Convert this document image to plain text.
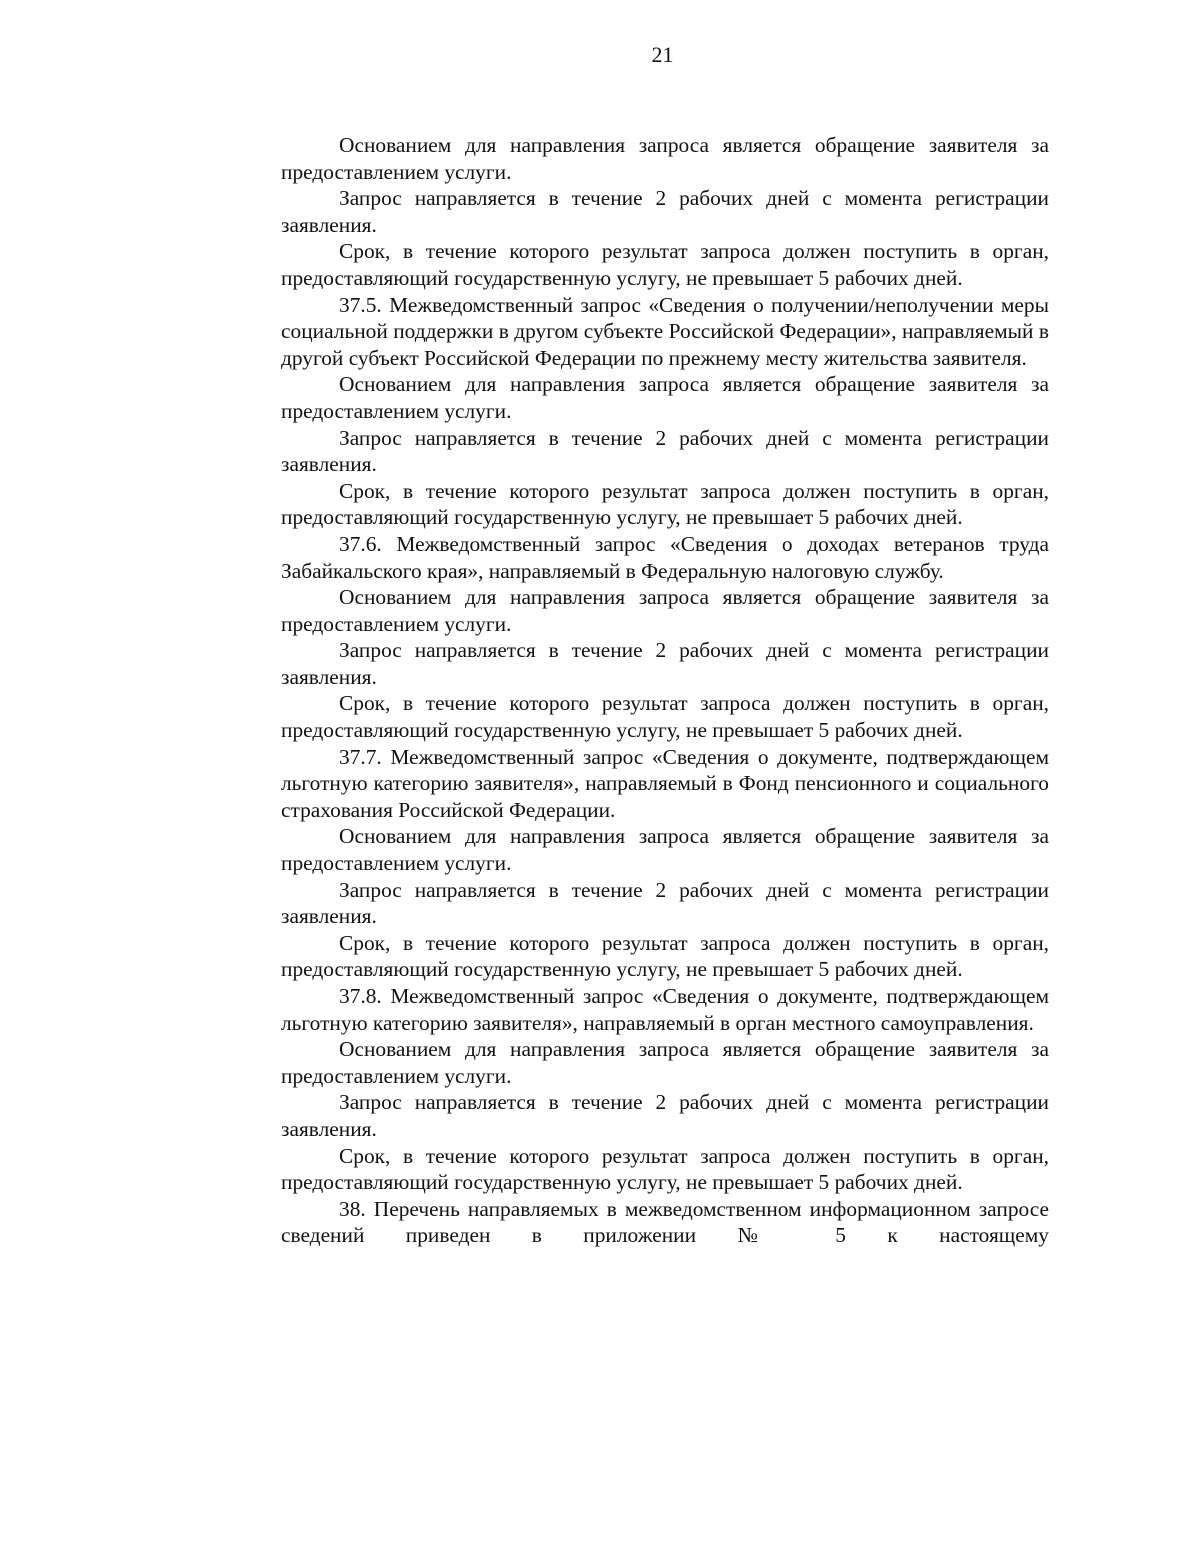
21

Основанием для направления запроса является обращение заявителя за предоставлением услуги.

Запрос направляется в течение 2 рабочих дней с момента регистрации заявления.

Срок, в течение которого результат запроса должен поступить в орган, предоставляющий государственную услугу, не превышает 5 рабочих дней.

37.5. Межведомственный запрос «Сведения о получении/неполучении меры социальной поддержки в другом субъекте Российской Федерации», направляемый в другой субъект Российской Федерации по прежнему месту жительства заявителя.

Основанием для направления запроса является обращение заявителя за предоставлением услуги.

Запрос направляется в течение 2 рабочих дней с момента регистрации заявления.

Срок, в течение которого результат запроса должен поступить в орган, предоставляющий государственную услугу, не превышает 5 рабочих дней.

37.6. Межведомственный запрос «Сведения о доходах ветеранов труда Забайкальского края», направляемый в Федеральную налоговую службу.

Основанием для направления запроса является обращение заявителя за предоставлением услуги.

Запрос направляется в течение 2 рабочих дней с момента регистрации заявления.

Срок, в течение которого результат запроса должен поступить в орган, предоставляющий государственную услугу, не превышает 5 рабочих дней.

37.7. Межведомственный запрос «Сведения о документе, подтверждающем льготную категорию заявителя», направляемый в Фонд пенсионного и социального страхования Российской Федерации.

Основанием для направления запроса является обращение заявителя за предоставлением услуги.

Запрос направляется в течение 2 рабочих дней с момента регистрации заявления.

Срок, в течение которого результат запроса должен поступить в орган, предоставляющий государственную услугу, не превышает 5 рабочих дней.

37.8. Межведомственный запрос «Сведения о документе, подтверждающем льготную категорию заявителя», направляемый в орган местного самоуправления.

Основанием для направления запроса является обращение заявителя за предоставлением услуги.

Запрос направляется в течение 2 рабочих дней с момента регистрации заявления.

Срок, в течение которого результат запроса должен поступить в орган, предоставляющий государственную услугу, не превышает 5 рабочих дней.

38. Перечень направляемых в межведомственном информационном запросе сведений приведен в приложении № 5 к настоящему
